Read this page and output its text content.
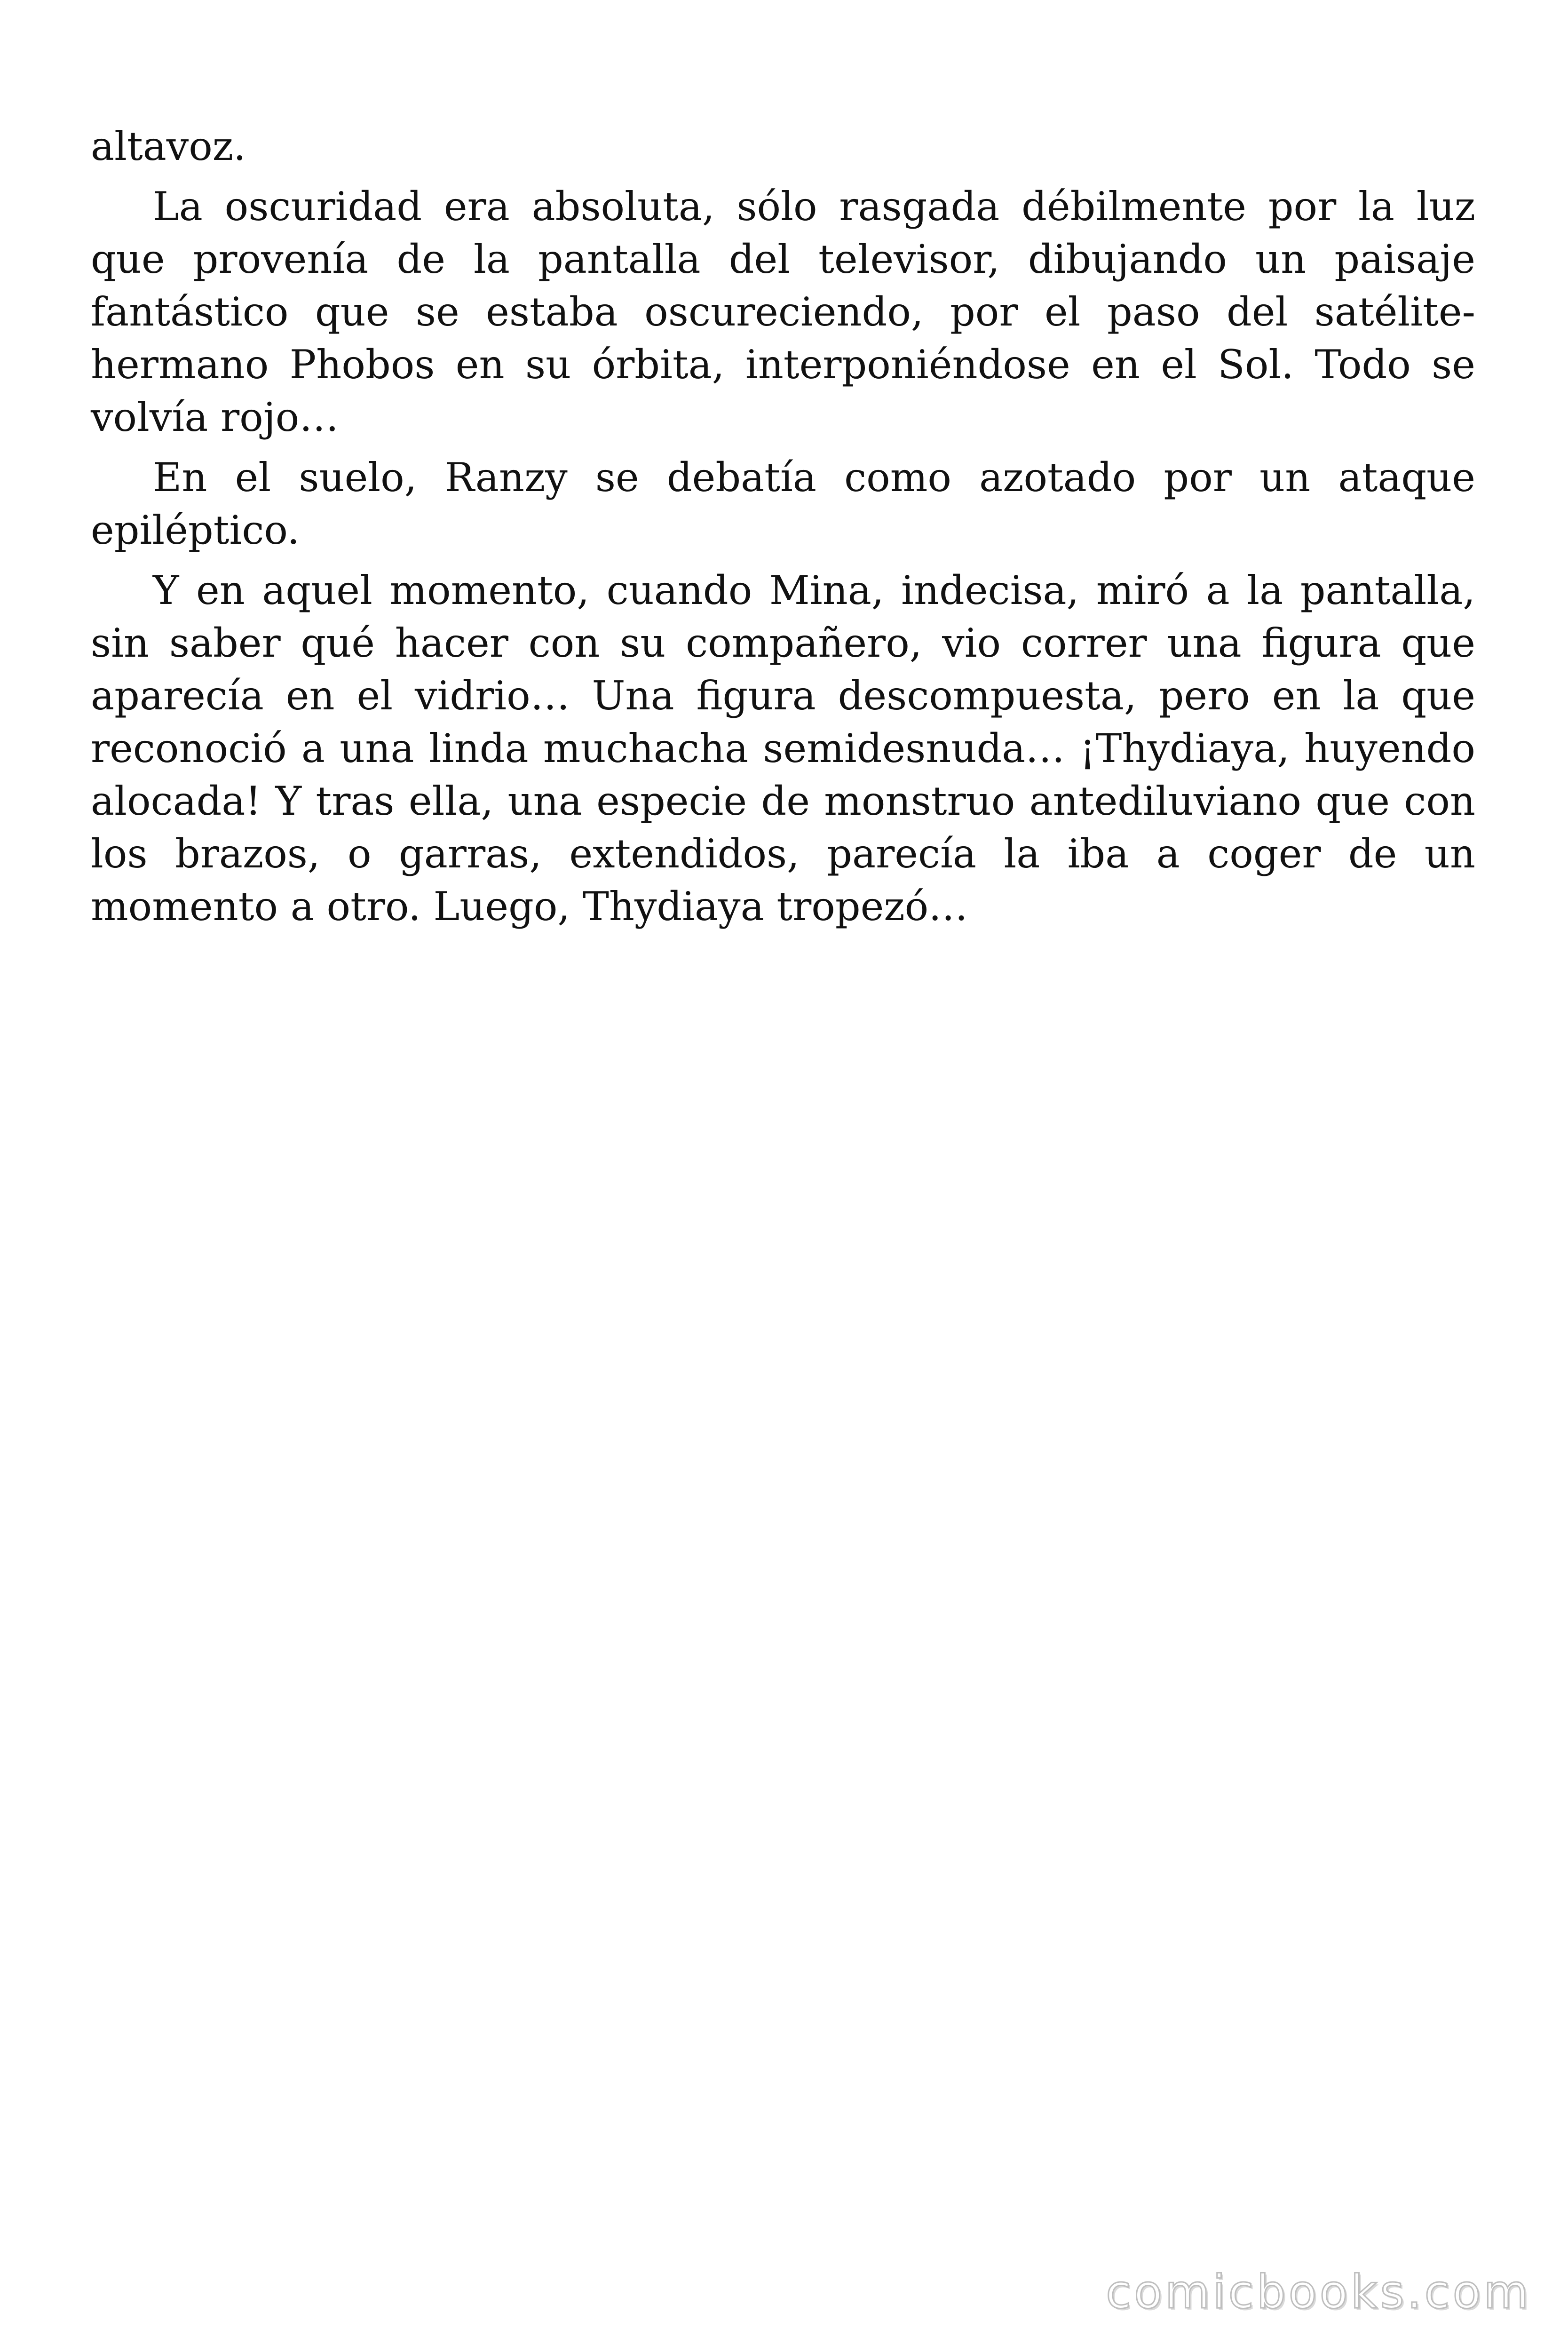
altavoz.

La oscuridad era absoluta, sólo rasgada débilmente por la luz que provenía de la pantalla del televisor, dibujando un paisaje fantástico que se estaba oscureciendo, por el paso del satélite-hermano Phobos en su órbita, interponiéndose en el Sol. Todo se volvía rojo…

En el suelo, Ranzy se debatía como azotado por un ataque epiléptico.

Y en aquel momento, cuando Mina, indecisa, miró a la pantalla, sin saber qué hacer con su compañero, vio correr una figura que aparecía en el vidrio… Una figura descompuesta, pero en la que reconoció a una linda muchacha semidesnuda… ¡Thydiaya, huyendo alocada! Y tras ella, una especie de monstruo antediluviano que con los brazos, o garras, extendidos, parecía la iba a coger de un momento a otro. Luego, Thydiaya tropezó…

comicbooks.com
